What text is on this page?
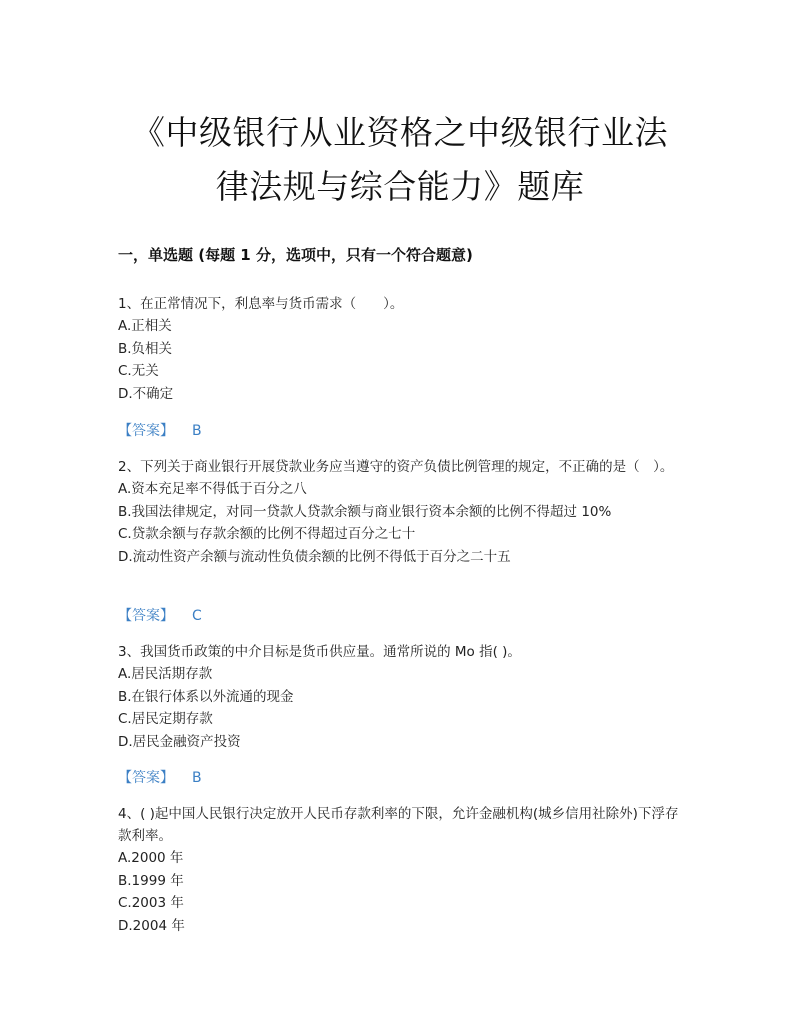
《中级银行从业资格之中级银行业法
律法规与综合能力》题库
一，单选题 (每题 1 分，选项中，只有一个符合题意)
1、在正常情况下，利息率与货币需求（　　）。
A.正相关
B.负相关
C.无关
D.不确定
【答案】 B
2、下列关于商业银行开展贷款业务应当遵守的资产负债比例管理的规定，不正确的是（　）。
A.资本充足率不得低于百分之八
B.我国法律规定，对同一贷款人贷款余额与商业银行资本余额的比例不得超过 10%
C.贷款余额与存款余额的比例不得超过百分之七十
D.流动性资产余额与流动性负债余额的比例不得低于百分之二十五
【答案】 C
3、我国货币政策的中介目标是货币供应量。通常所说的 Mo 指( )。
A.居民活期存款
B.在银行体系以外流通的现金
C.居民定期存款
D.居民金融资产投资
【答案】 B
4、( )起中国人民银行决定放开人民币存款利率的下限，允许金融机构(城乡信用社除外)下浮存款利率。
A.2000 年
B.1999 年
C.2003 年
D.2004 年
